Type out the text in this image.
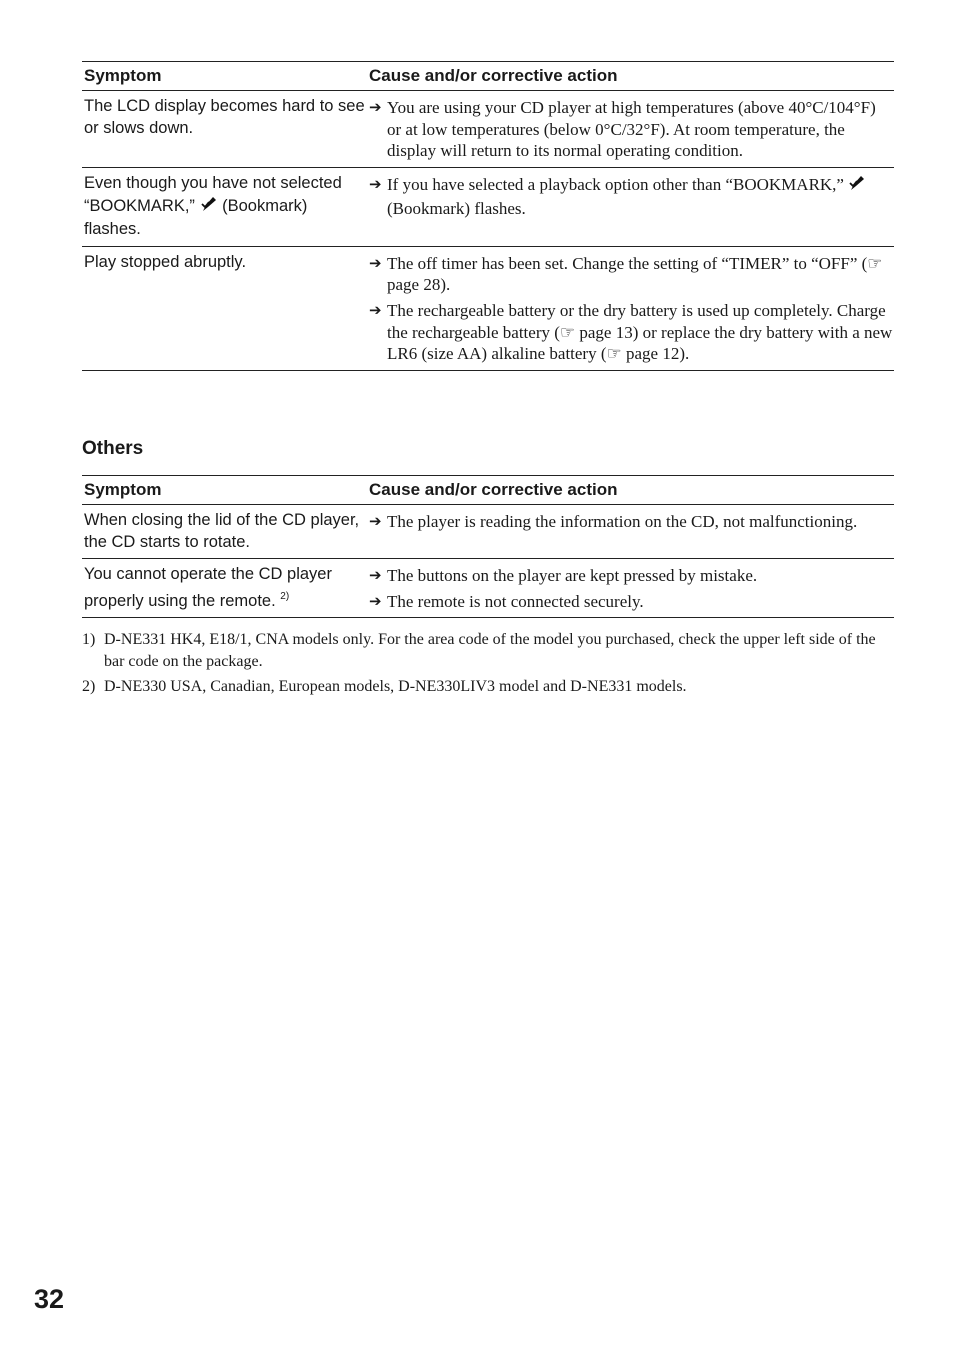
Symptom	Cause and/or corrective action
The LCD display becomes hard to see or slows down.	➔ You are using your CD player at high temperatures (above 40°C/104°F) or at low temperatures (below 0°C/32°F). At room temperature, the display will return to its normal operating condition.

Even though you have not selected “BOOKMARK,” (Bookmark) flashes.	➔ If you have selected a playback option other than “BOOKMARK,”  (Bookmark) flashes.

Play stopped abruptly.	➔ The off timer has been set. Change the setting of “TIMER” to “OFF” (☞ page 28).
➔ The rechargeable battery or the dry battery is used up completely. Charge the rechargeable battery (☞ page 13) or replace the dry battery with a new LR6 (size AA) alkaline battery (☞ page 12).
Others
Symptom	Cause and/or corrective action
When closing the lid of the CD player, the CD starts to rotate.	➔ The player is reading the information on the CD, not malfunctioning.

You cannot operate the CD player properly using the remote. $^{2)}$	➔ The buttons on the player are kept pressed by mistake.
➔ The remote is not connected securely.
1) D-NE331 HK4, E18/1, CNA models only. For the area code of the model you purchased, check the upper left side of the bar code on the package.
2) D-NE330 USA, Canadian, European models, D-NE330LIV3 model and D-NE331 models.
32
